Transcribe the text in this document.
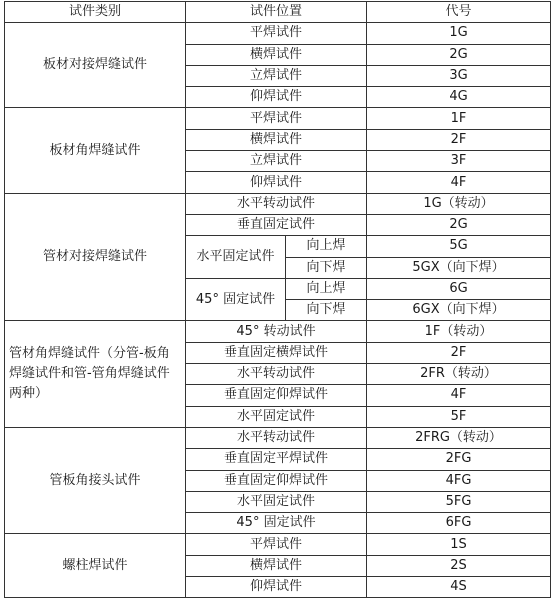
试件类别	试件位置		代号
板材对接焊缝试件	平焊试件		1G
	横焊试件		2G
	立焊试件		3G
	仰焊试件		4G
板材角焊缝试件	平焊试件		1F
	横焊试件		2F
	立焊试件		3F
	仰焊试件		4F
管材对接焊缝试件	水平转动试件		1G（转动）
	垂直固定试件		2G
	水平固定试件	向上焊	5G
		向下焊	5GX（向下焊）
	45° 固定试件	向上焊	6G
		向下焊	6GX（向下焊）
管材角焊缝试件（分管-板角焊缝试件和管-管角焊缝试件两种）	45° 转动试件		1F（转动）
	垂直固定横焊试件		2F
	水平转动试件		2FR（转动）
	垂直固定仰焊试件		4F
	水平固定试件		5F
管板角接头试件	水平转动试件		2FRG（转动）
	垂直固定平焊试件		2FG
	垂直固定仰焊试件		4FG
	水平固定试件		5FG
	45° 固定试件		6FG
螺柱焊试件	平焊试件		1S
	横焊试件		2S
	仰焊试件		4S
